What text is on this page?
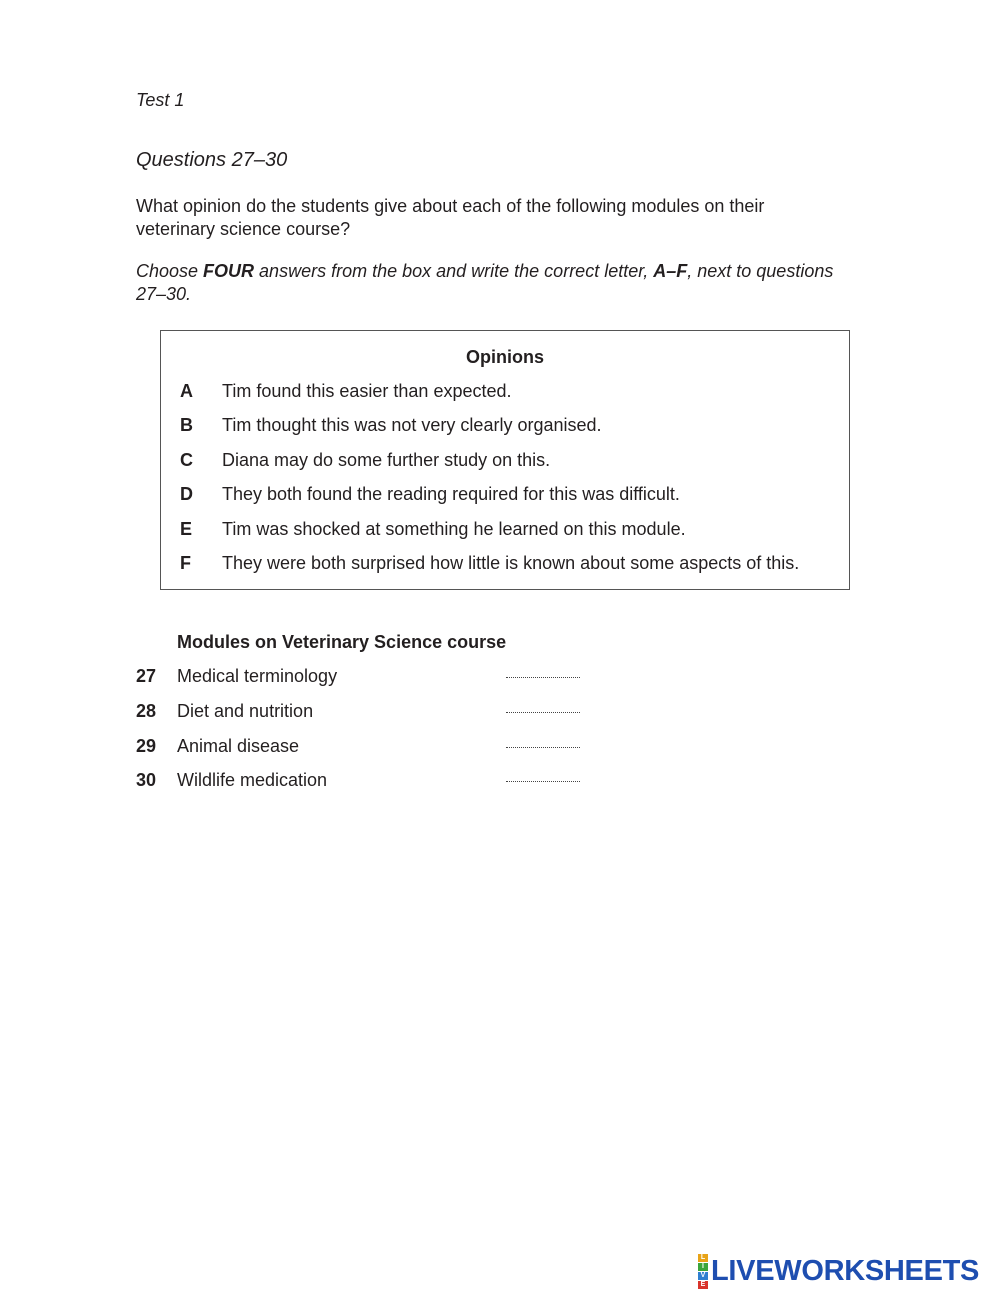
Test 1
Questions 27–30
What opinion do the students give about each of the following modules on their veterinary science course?
Choose FOUR answers from the box and write the correct letter, A–F, next to questions 27–30.
Opinions
A Tim found this easier than expected.
B Tim thought this was not very clearly organised.
C Diana may do some further study on this.
D They both found the reading required for this was difficult.
E Tim was shocked at something he learned on this module.
F They were both surprised how little is known about some aspects of this.
Modules on Veterinary Science course
27 Medical terminology
28 Diet and nutrition
29 Animal disease
30 Wildlife medication
L
I
V
E LIVEWORKSHEETS
